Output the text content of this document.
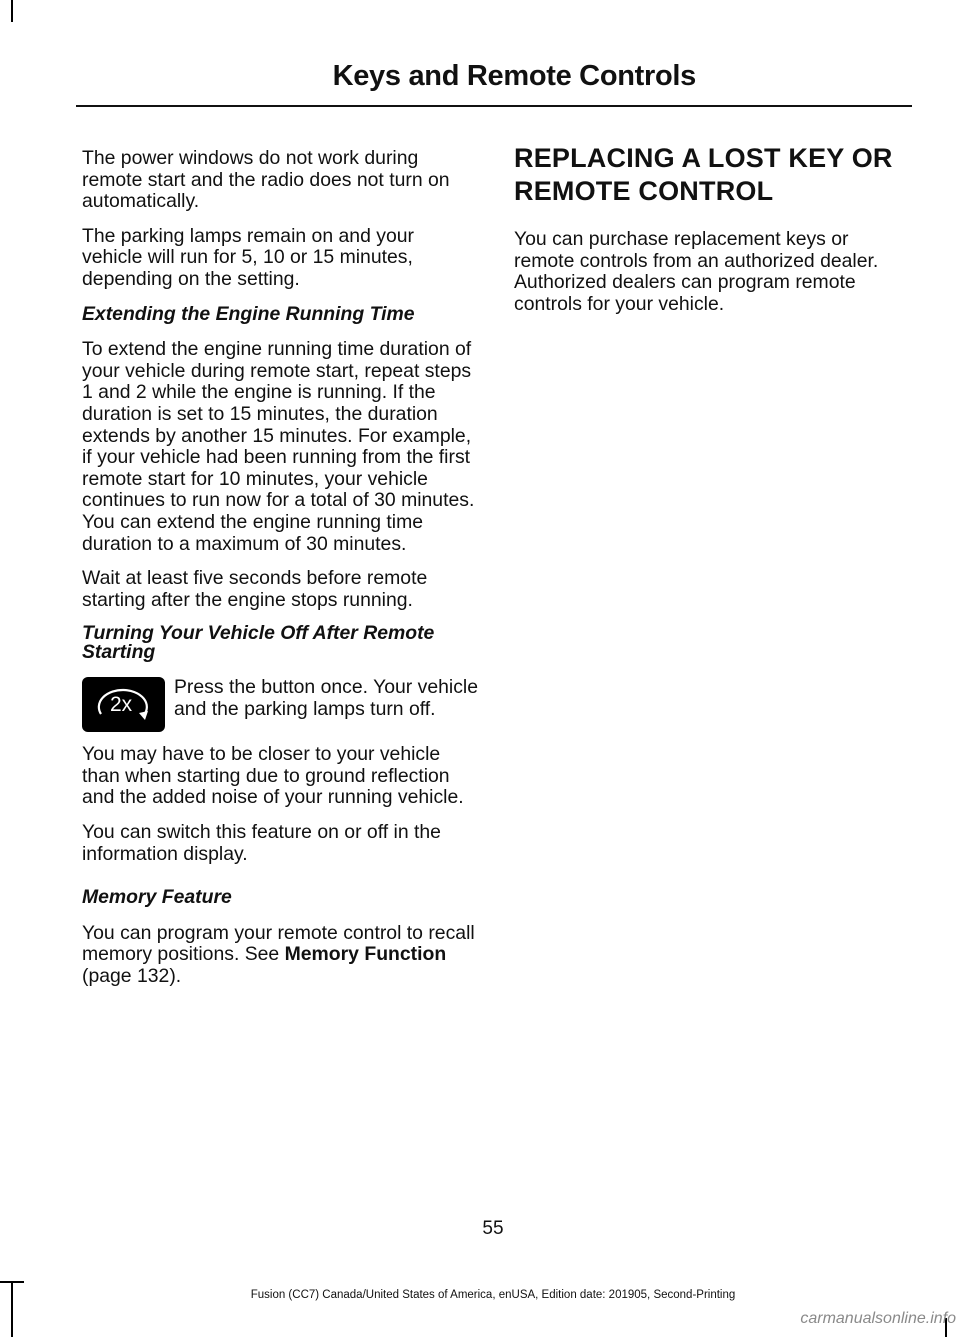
Keys and Remote Controls

The power windows do not work during remote start and the radio does not turn on automatically.

The parking lamps remain on and your vehicle will run for 5, 10 or 15 minutes, depending on the setting.

Extending the Engine Running Time

To extend the engine running time duration of your vehicle during remote start, repeat steps 1 and 2 while the engine is running. If the duration is set to 15 minutes, the duration extends by another 15 minutes. For example, if your vehicle had been running from the first remote start for 10 minutes, your vehicle continues to run now for a total of 30 minutes. You can extend the engine running time duration to a maximum of 30 minutes.

Wait at least five seconds before remote starting after the engine stops running.

Turning Your Vehicle Off After Remote Starting

2x

Press the button once. Your vehicle and the parking lamps turn off.

You may have to be closer to your vehicle than when starting due to ground reflection and the added noise of your running vehicle.

You can switch this feature on or off in the information display.

Memory Feature

You can program your remote control to recall memory positions. See Memory Function (page 132).

REPLACING A LOST KEY OR
REMOTE CONTROL

You can purchase replacement keys or remote controls from an authorized dealer. Authorized dealers can program remote controls for your vehicle.

55
Fusion (CC7) Canada/United States of America, enUSA, Edition date: 201905, Second-Printing
carmanualsonline.info
